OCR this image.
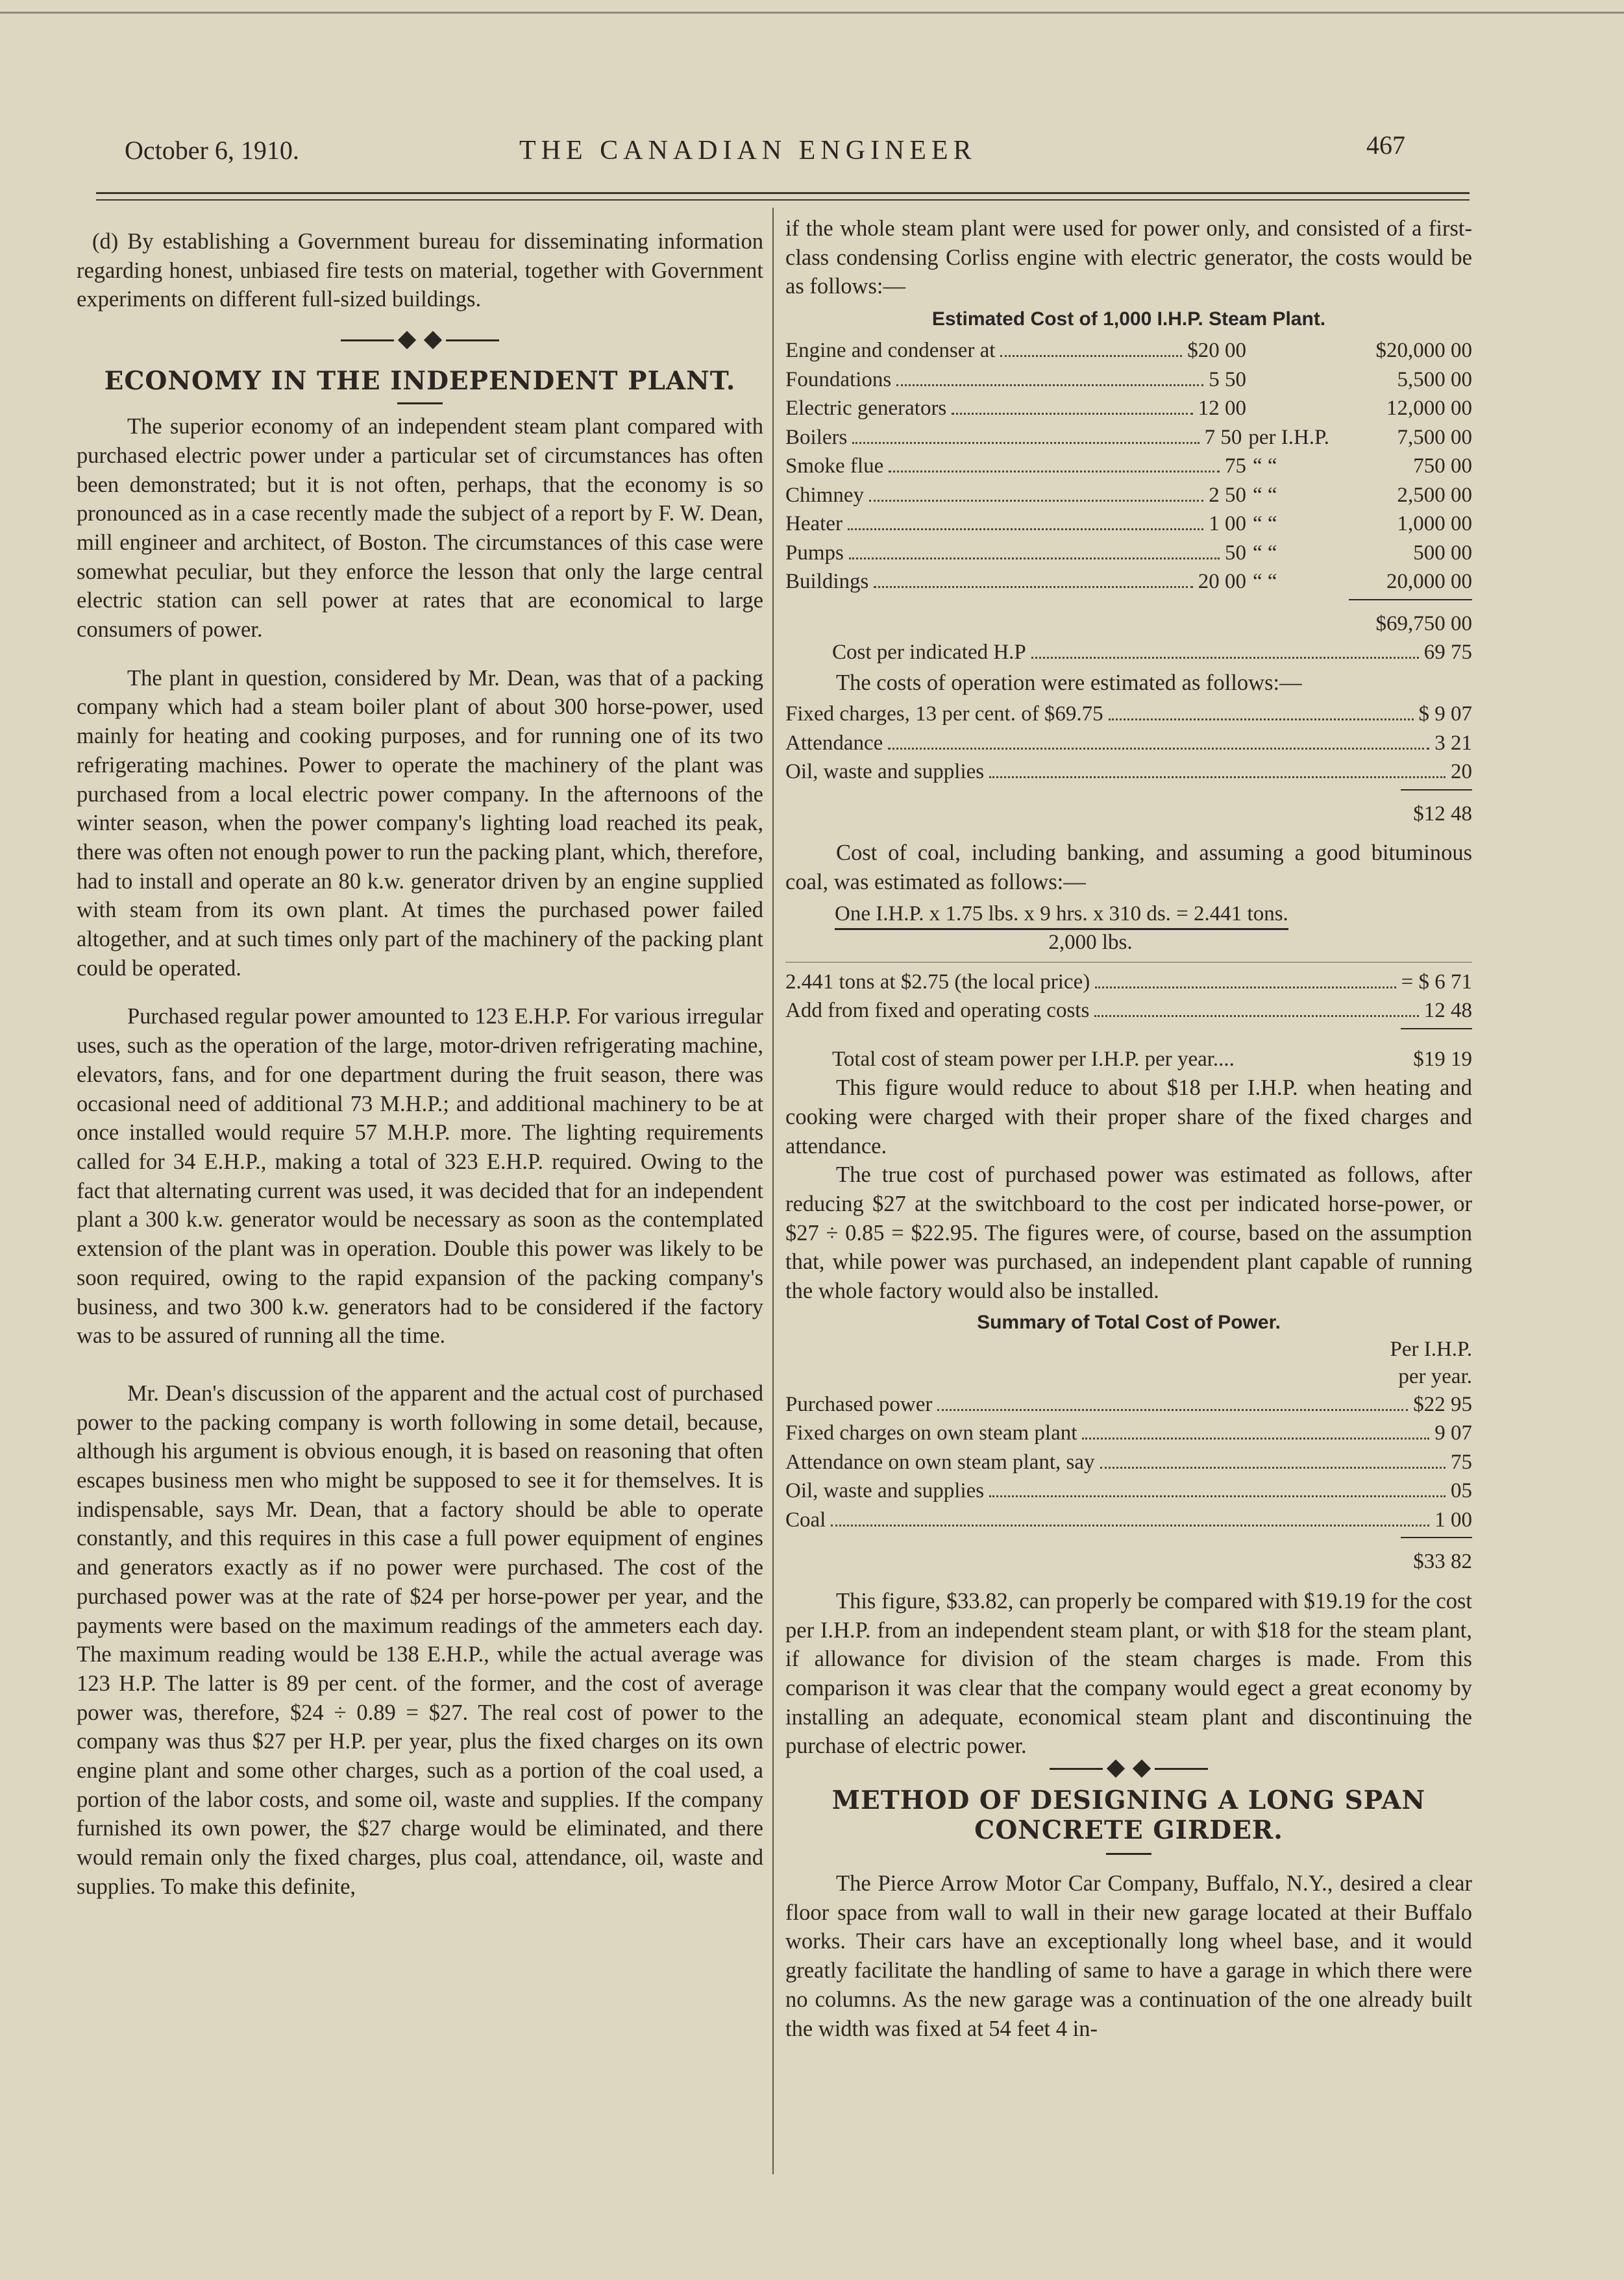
October 6, 1910.	THE CANADIAN ENGINEER	467

(d) By establishing a Government bureau for disseminating information regarding honest, unbiased fire tests on material, together with Government experiments on different full-sized buildings.

ECONOMY IN THE INDEPENDENT PLANT.

The superior economy of an independent steam plant compared with purchased electric power under a particular set of circumstances has often been demonstrated; but it is not often, perhaps, that the economy is so pronounced as in a case recently made the subject of a report by F. W. Dean, mill engineer and architect, of Boston. The circumstances of this case were somewhat peculiar, but they enforce the lesson that only the large central electric station can sell power at rates that are economical to large consumers of power.

The plant in question, considered by Mr. Dean, was that of a packing company which had a steam boiler plant of about 300 horse-power, used mainly for heating and cooking purposes, and for running one of its two refrigerating machines. Power to operate the machinery of the plant was purchased from a local electric power company. In the afternoons of the winter season, when the power company's lighting load reached its peak, there was often not enough power to run the packing plant, which, therefore, had to install and operate an 80 k.w. generator driven by an engine supplied with steam from its own plant. At times the purchased power failed altogether, and at such times only part of the machinery of the packing plant could be operated.

Purchased regular power amounted to 123 E.H.P. For various irregular uses, such as the operation of the large, motor-driven refrigerating machine, elevators, fans, and for one department during the fruit season, there was occasional need of additional 73 M.H.P.; and additional machinery to be at once installed would require 57 M.H.P. more. The lighting requirements called for 34 E.H.P., making a total of 323 E.H.P. required. Owing to the fact that alternating current was used, it was decided that for an independent plant a 300 k.w. generator would be necessary as soon as the contemplated extension of the plant was in operation. Double this power was likely to be soon required, owing to the rapid expansion of the packing company's business, and two 300 k.w. generators had to be considered if the factory was to be assured of running all the time.

Mr. Dean's discussion of the apparent and the actual cost of purchased power to the packing company is worth following in some detail, because, although his argument is obvious enough, it is based on reasoning that often escapes business men who might be supposed to see it for themselves. It is indispensable, says Mr. Dean, that a factory should be able to operate constantly, and this requires in this case a full power equipment of engines and generators exactly as if no power were purchased. The cost of the purchased power was at the rate of $24 per horse-power per year, and the payments were based on the maximum readings of the ammeters each day. The maximum reading would be 138 E.H.P., while the actual average was 123 H.P. The latter is 89 per cent. of the former, and the cost of average power was, therefore, $24 ÷ 0.89 = $27. The real cost of power to the company was thus $27 per H.P. per year, plus the fixed charges on its own engine plant and some other charges, such as a portion of the coal used, a portion of the labor costs, and some oil, waste and supplies. If the company furnished its own power, the $27 charge would be eliminated, and there would remain only the fixed charges, plus coal, attendance, oil, waste and supplies. To make this definite,

if the whole steam plant were used for power only, and consisted of a first-class condensing Corliss engine with electric generator, the costs would be as follows:—

Estimated Cost of 1,000 I.H.P. Steam Plant.
Engine and condenser at	$20 00	$20,000 00
Foundations	5 50	5,500 00
Electric generators	12 00	12,000 00
Boilers	7 50 per I.H.P.	7,500 00
Smoke flue	75 “ “	750 00
Chimney	2 50 “ “	2,500 00
Heater	1 00 “ “	1,000 00
Pumps	50 “ “	500 00
Buildings	20 00 “ “	20,000 00
$69,750 00
Cost per indicated H.P	69 75

The costs of operation were estimated as follows:—

Fixed charges, 13 per cent. of $69.75	$ 9 07
Attendance	3 21
Oil, waste and supplies	20
$12 48

Cost of coal, including banking, and assuming a good bituminous coal, was estimated as follows:—

One I.H.P. x 1.75 lbs. x 9 hrs. x 310 ds. = 2.441 tons.
2,000 lbs.
2.441 tons at $2.75 (the local price)	= $ 6 71
Add from fixed and operating costs	12 48
Total cost of steam power per I.H.P. per year....	$19 19

This figure would reduce to about $18 per I.H.P. when heating and cooking were charged with their proper share of the fixed charges and attendance.

The true cost of purchased power was estimated as follows, after reducing $27 at the switchboard to the cost per indicated horse-power, or $27 ÷ 0.85 = $22.95. The figures were, of course, based on the assumption that, while power was purchased, an independent plant capable of running the whole factory would also be installed.

Summary of Total Cost of Power.
Per I.H.P.
per year.
Purchased power	$22 95
Fixed charges on own steam plant	9 07
Attendance on own steam plant, say	75
Oil, waste and supplies	05
Coal	1 00
$33 82

This figure, $33.82, can properly be compared with $19.19 for the cost per I.H.P. from an independent steam plant, or with $18 for the steam plant, if allowance for division of the steam charges is made. From this comparison it was clear that the company would egect a great economy by installing an adequate, economical steam plant and discontinuing the purchase of electric power.

METHOD OF DESIGNING A LONG SPAN
CONCRETE GIRDER.

The Pierce Arrow Motor Car Company, Buffalo, N.Y., desired a clear floor space from wall to wall in their new garage located at their Buffalo works. Their cars have an exceptionally long wheel base, and it would greatly facilitate the handling of same to have a garage in which there were no columns. As the new garage was a continuation of the one already built the width was fixed at 54 feet 4 in-
